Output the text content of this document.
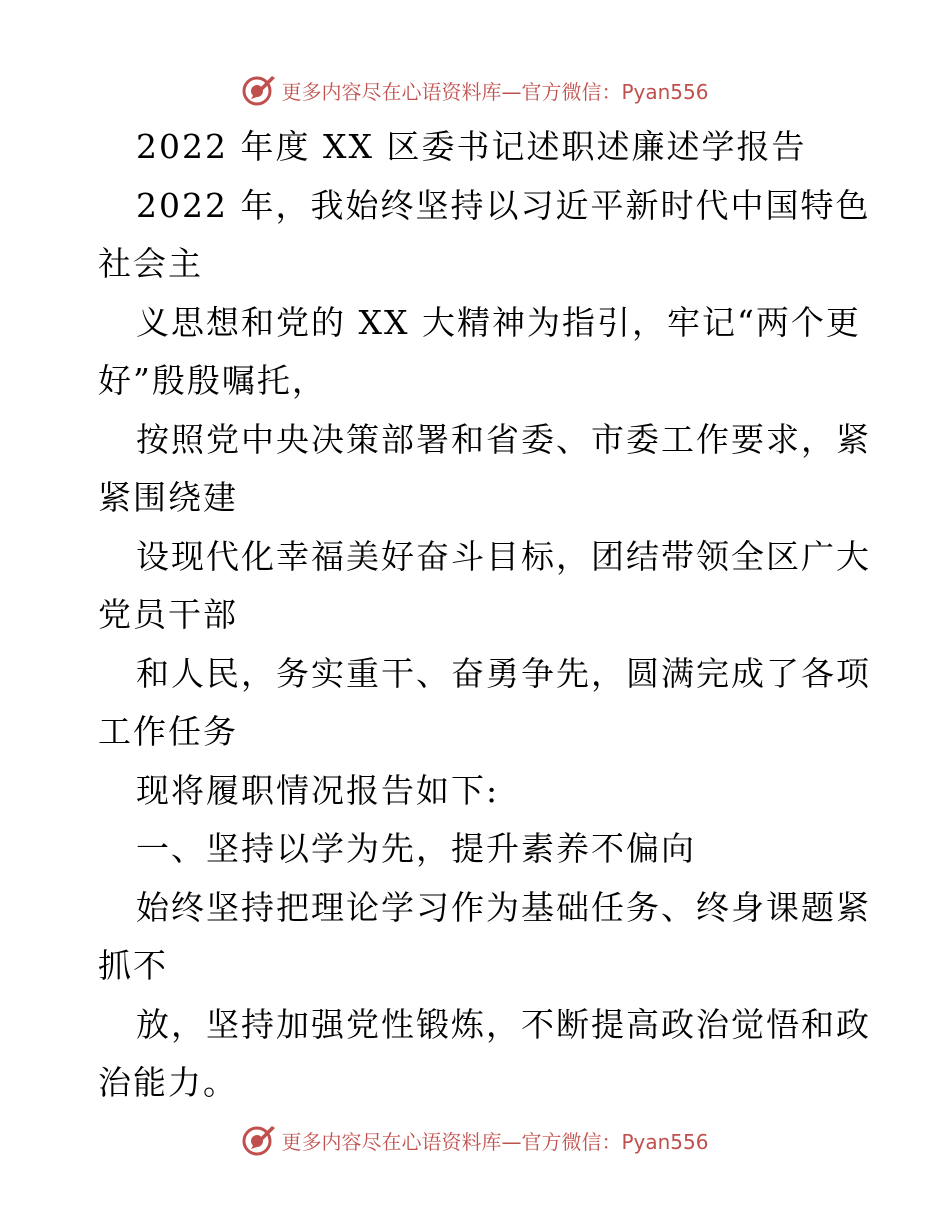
更多内容尽在心语资料库—官方微信：Pyan556
2022 年度 XX 区委书记述职述廉述学报告
2022 年，我始终坚持以习近平新时代中国特色
社会主
义思想和党的 XX 大精神为指引，牢记“两个更
好”殷殷嘱托，
按照党中央决策部署和省委、市委工作要求，紧
紧围绕建
设现代化幸福美好奋斗目标，团结带领全区广大
党员干部
和人民，务实重干、奋勇争先，圆满完成了各项
工作任务
现将履职情况报告如下:
一、坚持以学为先，提升素养不偏向
始终坚持把理论学习作为基础任务、终身课题紧
抓不
放，坚持加强党性锻炼，不断提高政治觉悟和政
治能力。
更多内容尽在心语资料库—官方微信：Pyan556
